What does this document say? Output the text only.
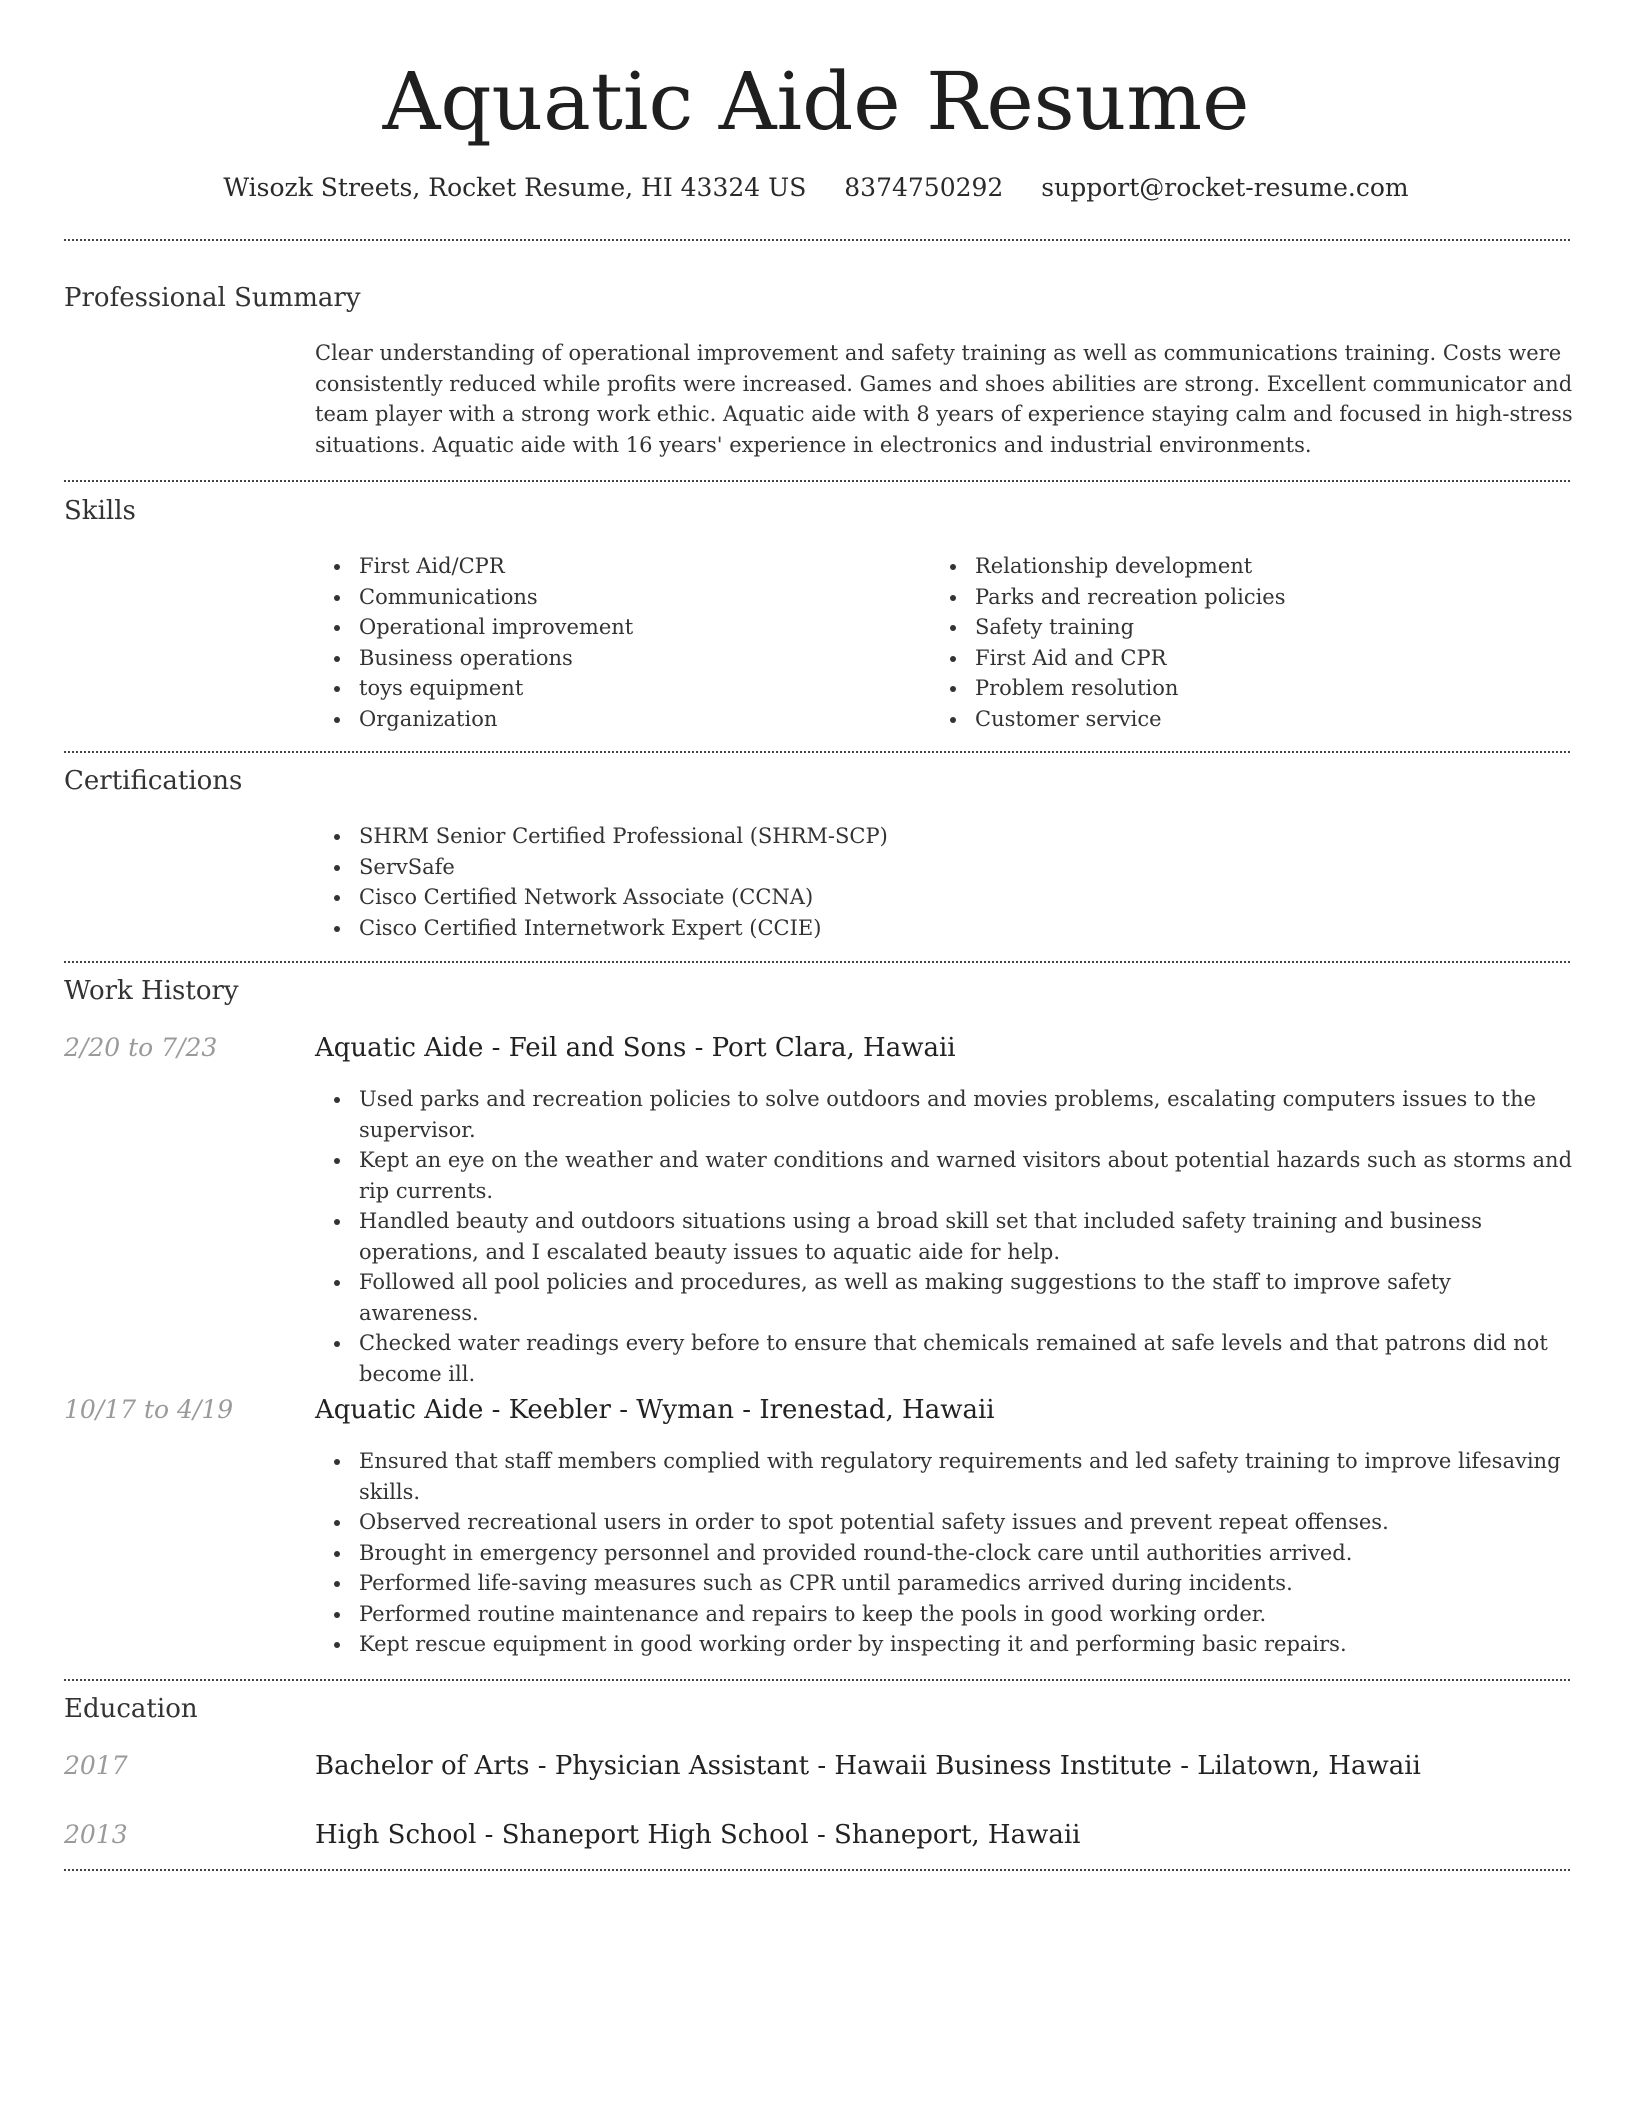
Aquatic Aide Resume
Wisozk Streets, Rocket Resume, HI 43324 US 8374750292 support@rocket-resume.com
Professional Summary

Clear understanding of operational improvement and safety training as well as communications training. Costs were consistently reduced while profits were increased. Games and shoes abilities are strong. Excellent communicator and team player with a strong work ethic. Aquatic aide with 8 years of experience staying calm and focused in high-stress situations. Aquatic aide with 16 years' experience in electronics and industrial environments.

Skills
First Aid/CPR
Communications
Operational improvement
Business operations
toys equipment
Organization
Relationship development
Parks and recreation policies
Safety training
First Aid and CPR
Problem resolution
Customer service
Certifications
SHRM Senior Certified Professional (SHRM-SCP)
ServSafe
Cisco Certified Network Associate (CCNA)
Cisco Certified Internetwork Expert (CCIE)
Work History
2/20 to 7/23	Aquatic Aide - Feil and Sons - Port Clara, Hawaii
Used parks and recreation policies to solve outdoors and movies problems, escalating computers issues to the supervisor.
Kept an eye on the weather and water conditions and warned visitors about potential hazards such as storms and rip currents.
Handled beauty and outdoors situations using a broad skill set that included safety training and business operations, and I escalated beauty issues to aquatic aide for help.
Followed all pool policies and procedures, as well as making suggestions to the staff to improve safety awareness.
Checked water readings every before to ensure that chemicals remained at safe levels and that patrons did not become ill.
10/17 to 4/19	Aquatic Aide - Keebler - Wyman - Irenestad, Hawaii
Ensured that staff members complied with regulatory requirements and led safety training to improve lifesaving skills.
Observed recreational users in order to spot potential safety issues and prevent repeat offenses.
Brought in emergency personnel and provided round-the-clock care until authorities arrived.
Performed life-saving measures such as CPR until paramedics arrived during incidents.
Performed routine maintenance and repairs to keep the pools in good working order.
Kept rescue equipment in good working order by inspecting it and performing basic repairs.
Education
2017	Bachelor of Arts - Physician Assistant - Hawaii Business Institute - Lilatown, Hawaii
2013	High School - Shaneport High School - Shaneport, Hawaii
